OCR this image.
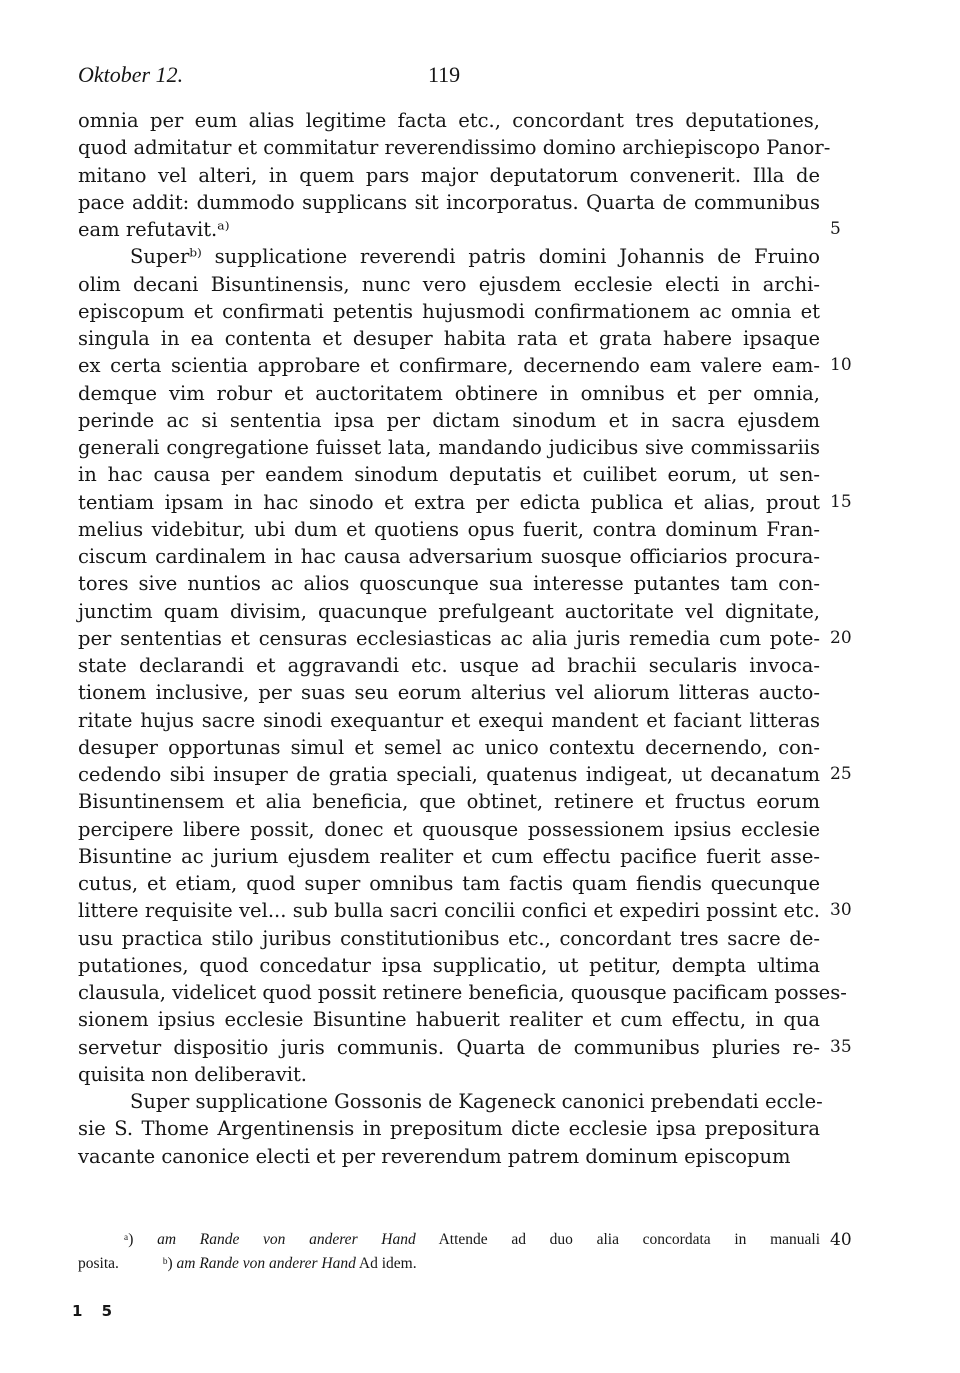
Oktober 12.	119
omnia per eum alias legitime facta etc., concordant tres deputationes,
quod admitatur et commitatur reverendissimo domino archiepiscopo Panor-
mitano vel alteri, in quem pars major deputatorum convenerit. Illa de
pace addit: dummodo supplicans sit incorporatus. Quarta de communibus
eam refutavit.ᵃ⁾	5
Superᵇ⁾ supplicatione reverendi patris domini Johannis de Fruino
olim decani Bisuntinensis, nunc vero ejusdem ecclesie electi in archi-
episcopum et confirmati petentis hujusmodi confirmationem ac omnia et
singula in ea contenta et desuper habita rata et grata habere ipsaque
ex certa scientia approbare et confirmare, decernendo eam valere eam- 10
demque vim robur et auctoritatem obtinere in omnibus et per omnia,
perinde ac si sententia ipsa per dictam sinodum et in sacra ejusdem
generali congregatione fuisset lata, mandando judicibus sive commissariis
in hac causa per eandem sinodum deputatis et cuilibet eorum, ut sen-
tentiam ipsam in hac sinodo et extra per edicta publica et alias, prout 15
melius videbitur, ubi dum et quotiens opus fuerit, contra dominum Fran-
ciscum cardinalem in hac causa adversarium suosque officiarios procura-
tores sive nuntios ac alios quoscunque sua interesse putantes tam con-
junctim quam divisim, quacunque prefulgeant auctoritate vel dignitate,
per sententias et censuras ecclesiasticas ac alia juris remedia cum pote- 20
state declarandi et aggravandi etc. usque ad brachii secularis invoca-
tionem inclusive, per suas seu eorum alterius vel aliorum litteras aucto-
ritate hujus sacre sinodi exequantur et exequi mandent et faciant litteras
desuper opportunas simul et semel ac unico contextu decernendo, con-
cedendo sibi insuper de gratia speciali, quatenus indigeat, ut decanatum 25
Bisuntinensem et alia beneficia, que obtinet, retinere et fructus eorum
percipere libere possit, donec et quousque possessionem ipsius ecclesie
Bisuntine ac jurium ejusdem realiter et cum effectu pacifice fuerit asse-
cutus, et etiam, quod super omnibus tam factis quam fiendis quecunque
littere requisite vel... sub bulla sacri concilii confici et expediri possint etc. 30
usu practica stilo juribus constitutionibus etc., concordant tres sacre de-
putationes, quod concedatur ipsa supplicatio, ut petitur, dempta ultima
clausula, videlicet quod possit retinere beneficia, quousque pacificam posses-
sionem ipsius ecclesie Bisuntine habuerit realiter et cum effectu, in qua
servetur dispositio juris communis. Quarta de communibus pluries re- 35
quisita non deliberavit.
Super supplicatione Gossonis de Kageneck canonici prebendati eccle-
sie S. Thome Argentinensis in prepositum dicte ecclesie ipsa prepositura
vacante canonice electi et per reverendum patrem dominum episcopum
ᵃ) am Rande von anderer Hand Attende ad duo alia concordata in manuali 40
posita.	ᵇ) am Rande von anderer Hand Ad idem.
1 5
